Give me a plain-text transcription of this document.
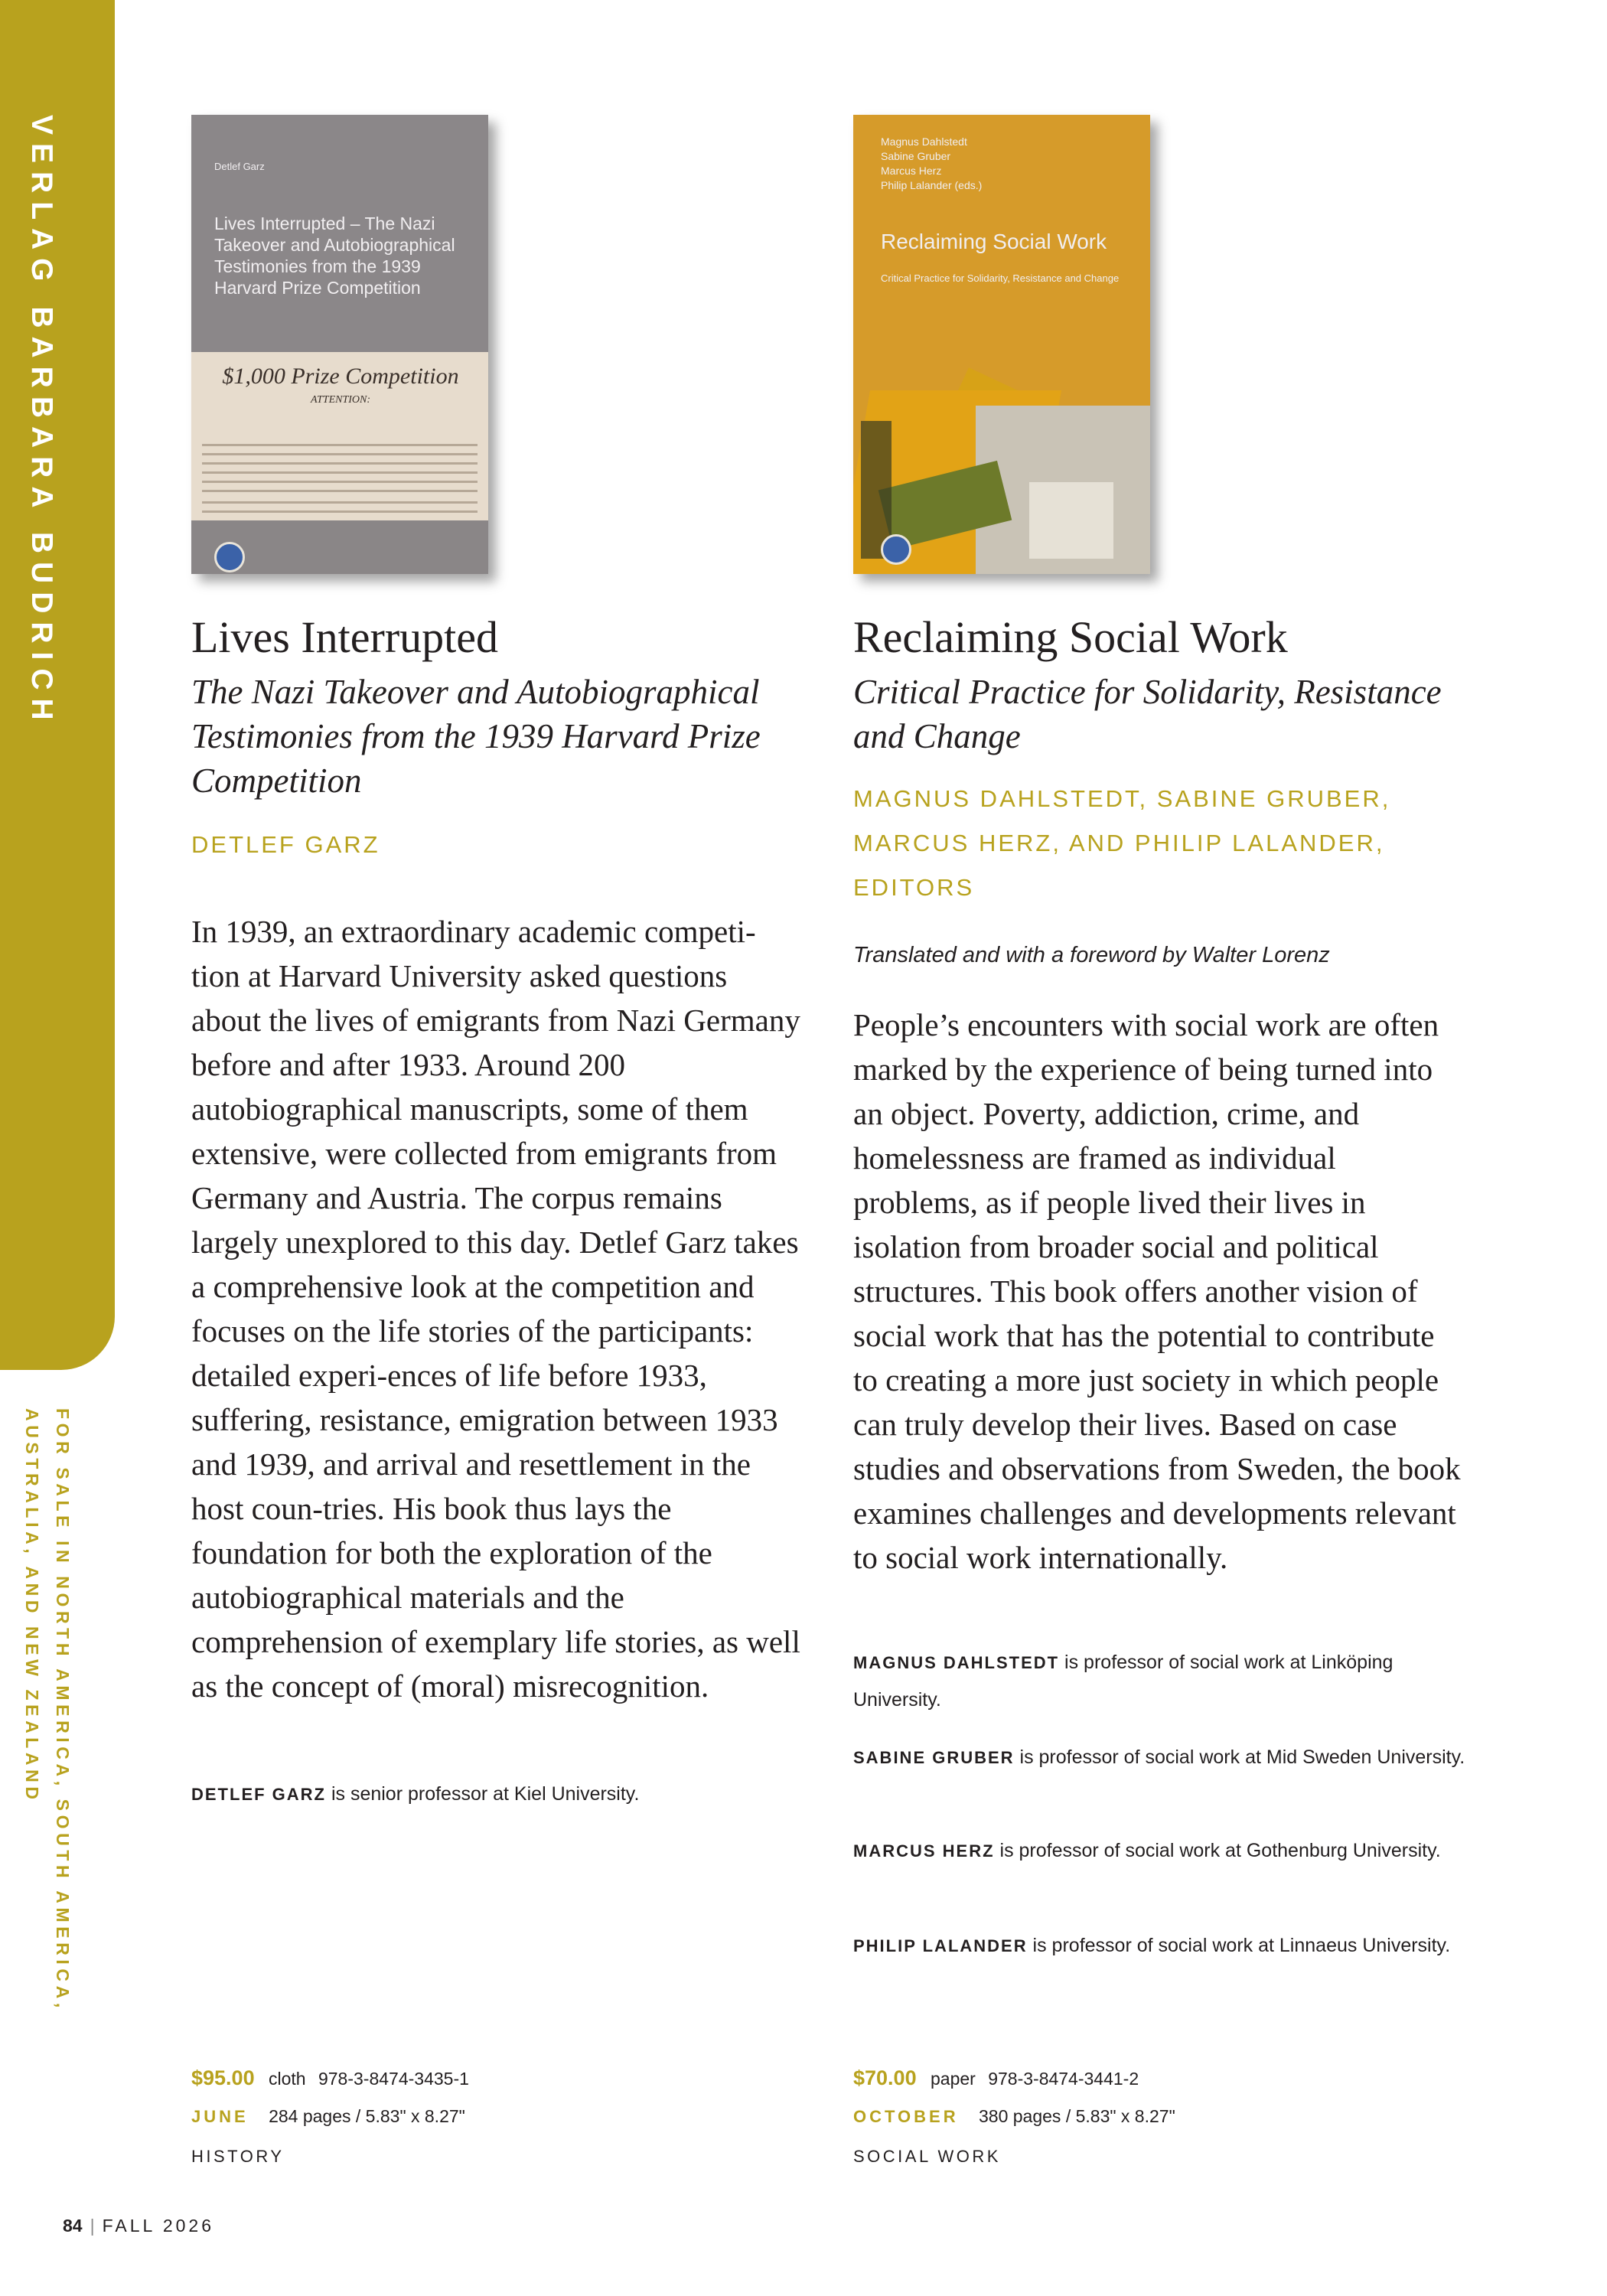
VERLAG BARBARA BUDRICH
FOR SALE IN NORTH AMERICA, SOUTH AMERICA,
AUSTRALIA, AND NEW ZEALAND
Detlef Garz
Lives Interrupted – The Nazi Takeover and Autobiographical Testimonies from the 1939 Harvard Prize Competition
$1,000 Prize Competition
ATTENTION:
Lives Interrupted

The Nazi Takeover and Autobiographical Testimonies from the 1939 Harvard Prize Competition

DETLEF GARZ

In 1939, an extraordinary academic competi-tion at Harvard University asked questions about the lives of emigrants from Nazi Germany before and after 1933. Around 200 autobiographical manuscripts, some of them extensive, were collected from emigrants from Germany and Austria. The corpus remains largely unexplored to this day. Detlef Garz takes a comprehensive look at the competition and focuses on the life stories of the participants: detailed experi-ences of life before 1933, suffering, resistance, emigration between 1933 and 1939, and arrival and resettlement in the host coun-tries. His book thus lays the foundation for both the exploration of the autobiographical materials and the comprehension of exemplary life stories, as well as the concept of (moral) misrecognition.

DETLEF GARZ is senior professor at Kiel University.

$95.00 cloth 978-3-8474-3435-1
JUNE 284 pages / 5.83" x 8.27"
HISTORY
Magnus Dahlstedt
Sabine Gruber
Marcus Herz
Philip Lalander (eds.)
Reclaiming Social Work
Critical Practice for Solidarity, Resistance and Change
Reclaiming Social Work

Critical Practice for Solidarity, Resistance and Change

MAGNUS DAHLSTEDT, SABINE GRUBER, MARCUS HERZ, AND PHILIP LALANDER, EDITORS
Translated and with a foreword by Walter Lorenz

People’s encounters with social work are often marked by the experience of being turned into an object. Poverty, addiction, crime, and homelessness are framed as individual problems, as if people lived their lives in isolation from broader social and political structures. This book offers another vision of social work that has the potential to contribute to creating a more just society in which people can truly develop their lives. Based on case studies and observations from Sweden, the book examines challenges and developments relevant to social work internationally.

MAGNUS DAHLSTEDT is professor of social work at Linköping University.

SABINE GRUBER is professor of social work at Mid Sweden University.

MARCUS HERZ is professor of social work at Gothenburg University.

PHILIP LALANDER is professor of social work at Linnaeus University.

$70.00 paper 978-3-8474-3441-2
OCTOBER 380 pages / 5.83" x 8.27"
SOCIAL WORK
84 | FALL 2026
